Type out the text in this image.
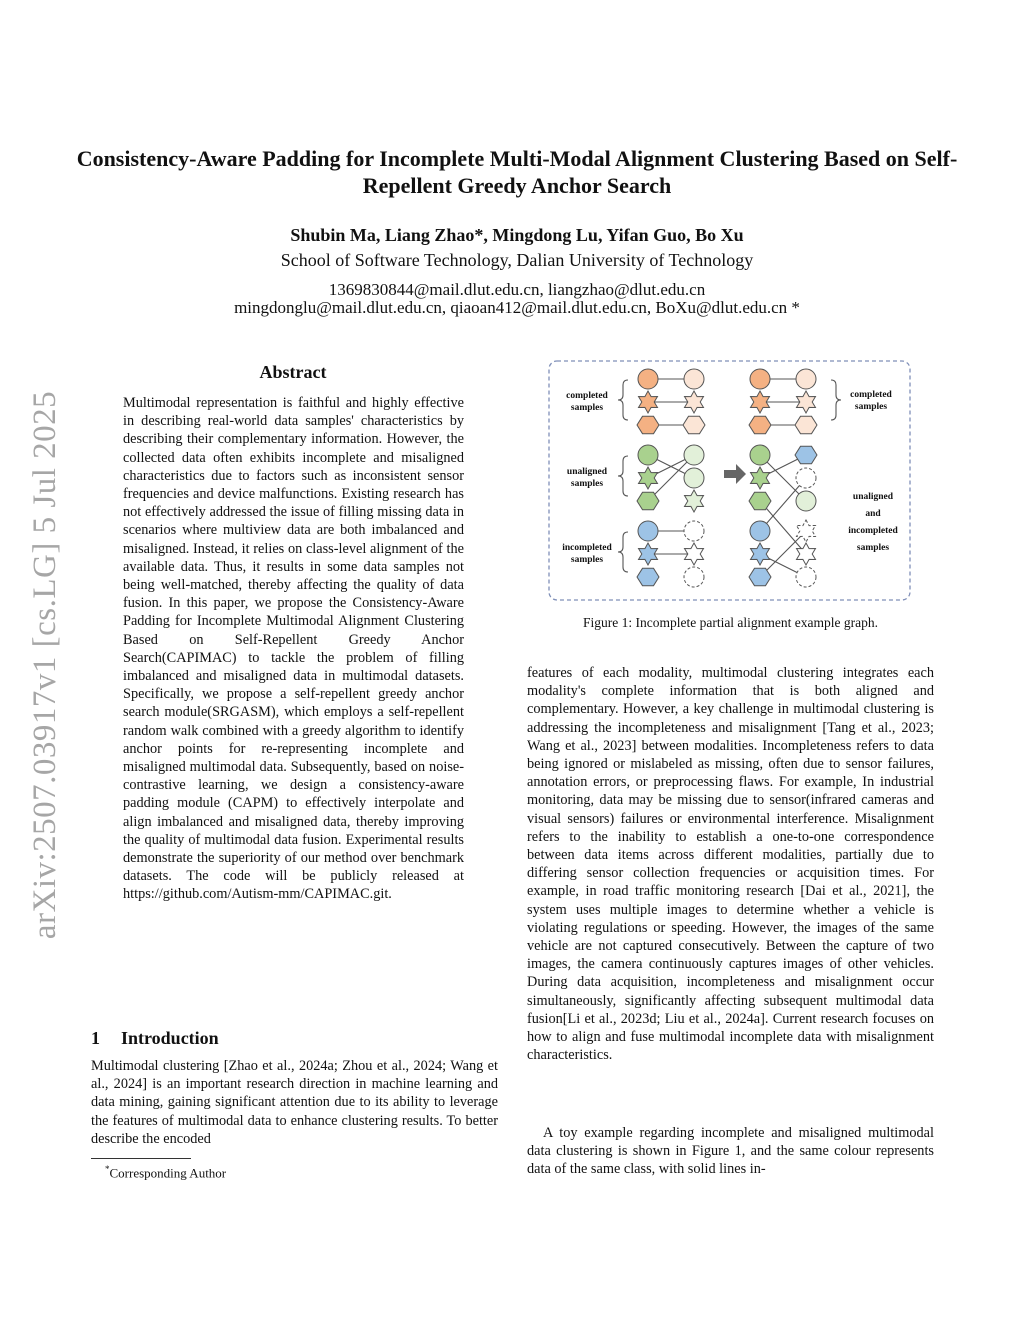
arXiv:2507.03917v1 [cs.LG] 5 Jul 2025
Consistency-Aware Padding for Incomplete Multi-Modal Alignment Clustering Based on Self-Repellent Greedy Anchor Search

Shubin Ma, Liang Zhao*, Mingdong Lu, Yifan Guo, Bo Xu

School of Software Technology, Dalian University of Technology

1369830844@mail.dlut.edu.cn, liangzhao@dlut.edu.cn

mingdonglu@mail.dlut.edu.cn, qiaoan412@mail.dlut.edu.cn, BoXu@dlut.edu.cn *

Abstract

Multimodal representation is faithful and highly effective in describing real-world data samples' characteristics by describing their complementary information. However, the collected data often exhibits incomplete and misaligned characteristics due to factors such as inconsistent sensor frequencies and device malfunctions. Existing research has not effectively addressed the issue of filling missing data in scenarios where multiview data are both imbalanced and misaligned. Instead, it relies on class-level alignment of the available data. Thus, it results in some data samples not being well-matched, thereby affecting the quality of data fusion. In this paper, we propose the Consistency-Aware Padding for Incomplete Multimodal Alignment Clustering Based on Self-Repellent Greedy Anchor Search(CAPIMAC) to tackle the problem of filling imbalanced and misaligned data in multimodal datasets. Specifically, we propose a self-repellent greedy anchor search module(SRGASM), which employs a self-repellent random walk combined with a greedy algorithm to identify anchor points for re-representing incomplete and misaligned multimodal data. Subsequently, based on noise-contrastive learning, we design a consistency-aware padding module (CAPM) to effectively interpolate and align imbalanced and misaligned data, thereby improving the quality of multimodal data fusion. Experimental results demonstrate the superiority of our method over benchmark datasets. The code will be publicly released at https://github.com/Autism-mm/CAPIMAC.git.

1 Introduction

Multimodal clustering [Zhao et al., 2024a; Zhou et al., 2024; Wang et al., 2024] is an important research direction in machine learning and data mining, gaining significant attention due to its ability to leverage the features of multimodal data to enhance clustering results. To better describe the encoded

*Corresponding Author

completed samples
unaligned samples
incompleted samples
completed samples
unaligned and incompleted samples

Figure 1: Incomplete partial alignment example graph.

features of each modality, multimodal clustering integrates each modality's complete information that is both aligned and complementary. However, a key challenge in multimodal clustering is addressing the incompleteness and misalignment [Tang et al., 2023; Wang et al., 2023] between modalities. Incompleteness refers to data being ignored or mislabeled as missing, often due to sensor failures, annotation errors, or preprocessing flaws. For example, In industrial monitoring, data may be missing due to sensor(infrared cameras and visual sensors) failures or environmental interference. Misalignment refers to the inability to establish a one-to-one correspondence between data items across different modalities, partially due to differing sensor collection frequencies or acquisition times. For example, in road traffic monitoring research [Dai et al., 2021], the system uses multiple images to determine whether a vehicle is violating regulations or speeding. However, the images of the same vehicle are not captured consecutively. Between the capture of two images, the camera continuously captures images of other vehicles. During data acquisition, incompleteness and misalignment occur simultaneously, significantly affecting subsequent multimodal data fusion[Li et al., 2023d; Liu et al., 2024a]. Current research focuses on how to align and fuse multimodal incomplete data with misalignment characteristics.

A toy example regarding incomplete and misaligned multimodal data clustering is shown in Figure 1, and the same colour represents data of the same class, with solid lines in-
